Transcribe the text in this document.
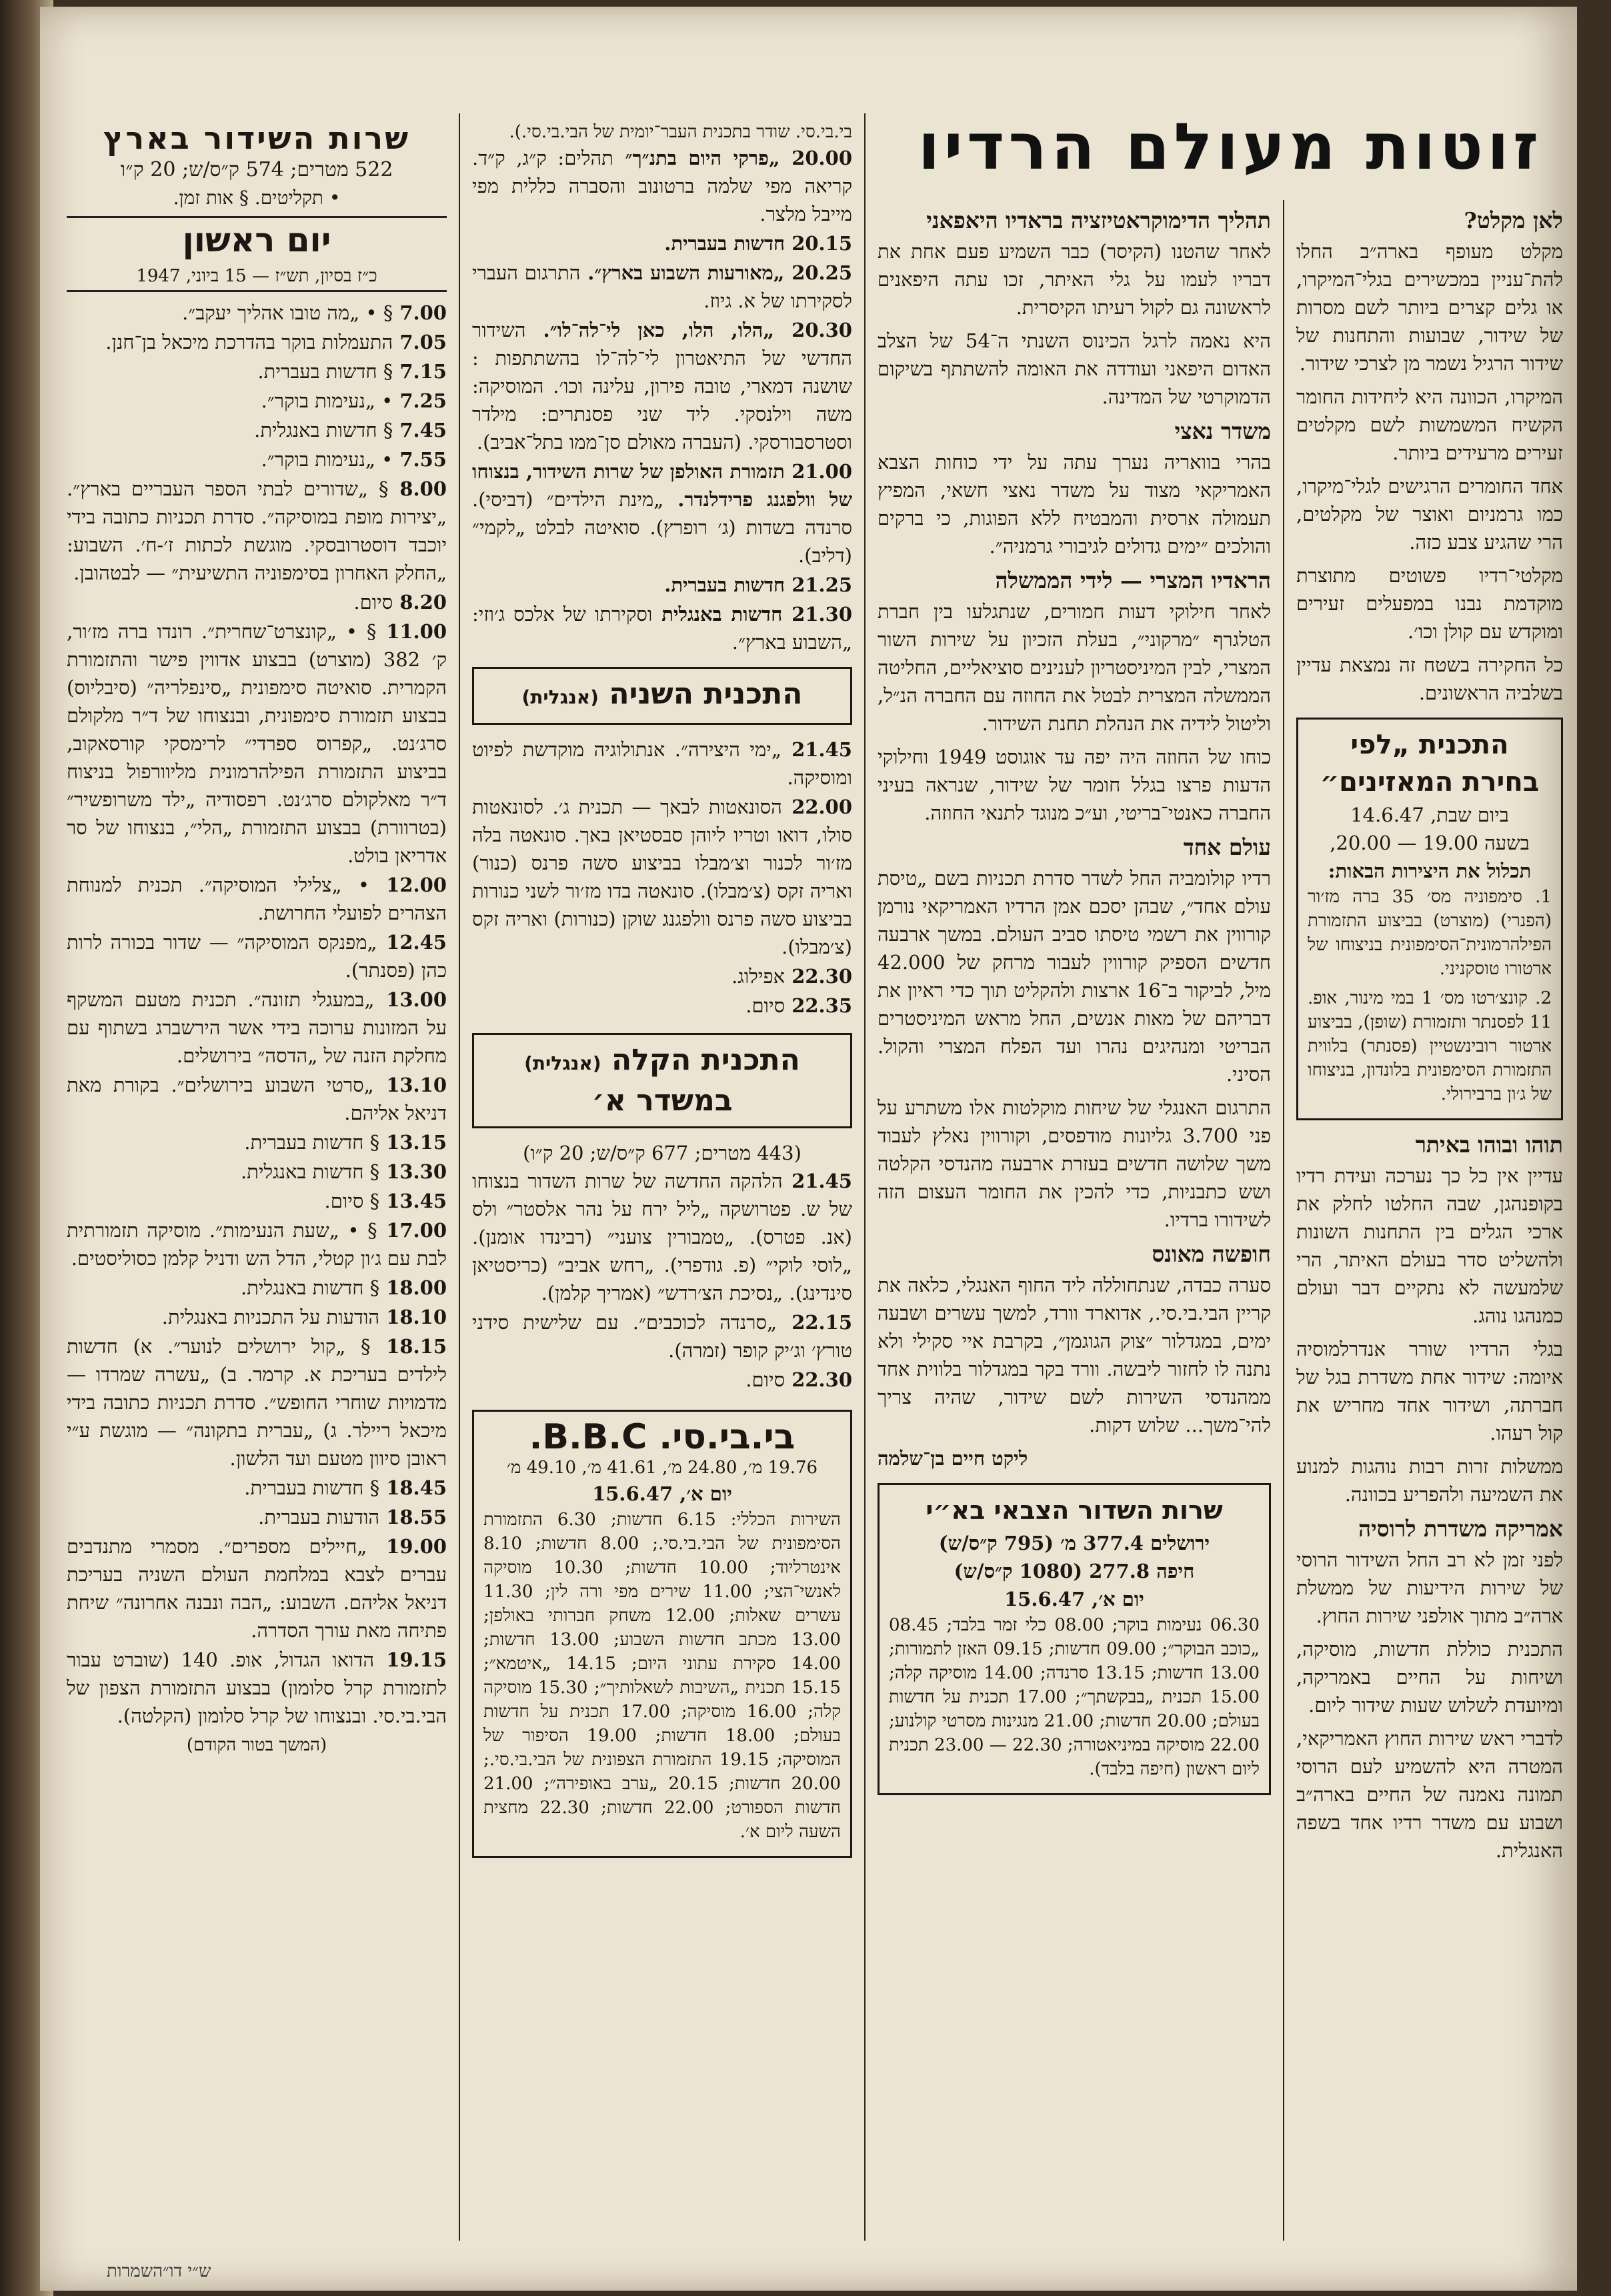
שרות השידור בארץ
522 מטרים; 574 ק״ס/ש; 20 ק״ו
• תקליטים. § אות זמן.
יום ראשון
כ״ז בסיון, תש״ז — 15 ביוני, 1947
7.00 § • „מה טובו אהליך יעקב״.
7.05 התעמלות בוקר בהדרכת מיכאל בן־חנן.
7.15 § חדשות בעברית.
7.25 • „נעימות בוקר״.
7.45 § חדשות באנגלית.
7.55 • „נעימות בוקר״.
8.00 § „שדורים לבתי הספר העבריים בארץ״. „יצירות מופת במוסיקה״. סדרת תכניות כתובה בידי יוכבד דוסטרובסקי. מוגשת לכתות ז׳-ח׳. השבוע: „החלק האחרון בסימפוניה התשיעית״ — לבטהובן.
8.20 סיום.
11.00 § • „קונצרט־שחרית״. רונדו ברה מז׳ור, ק׳ 382 (מוצרט) בבצוע אדווין פישר והתזמורת הקמרית. סואיטה סימפונית „סינפלריה״ (סיבליוס) בבצוע תזמורת סימפונית, ובנצוחו של ד״ר מלקולם סרג׳נט. „קפרוס ספרדי״ לרימסקי קורסאקוב, בביצוע התזמורת הפילהרמונית מליוורפול בניצוח ד״ר מאלקולם סרג׳נט. רפסודיה „ילד משרופשיר״ (בטרוורת) בבצוע התזמורת „הלי״, בנצוחו של סר אדריאן בולט.
12.00 • „צלילי המוסיקה״. תכנית למנוחת הצהרים לפועלי החרושת.
12.45 „מפנקס המוסיקה״ — שדור בכורה לרות כהן (פסנתר).
13.00 „במעגלי תזונה״. תכנית מטעם המשקף על המזונות ערוכה בידי אשר הירשברג בשתוף עם מחלקת הזנה של „הדסה״ בירושלים.
13.10 „סרטי השבוע בירושלים״. בקורת מאת דניאל אליהם.
13.15 § חדשות בעברית.
13.30 § חדשות באנגלית.
13.45 § סיום.
17.00 § • „שעת הנעימות״. מוסיקה תזמורתית לבת עם ג׳ון קטלי, הדל הש ודניל קלמן כסוליסטים.
18.00 § חדשות באנגלית.
18.10 הודעות על התכניות באנגלית.
18.15 § „קול ירושלים לנוער״. א) חדשות לילדים בעריכת א. קרמר. ב) „עשרה שמרדו — מדמויות שוחרי החופש״. סדרת תכניות כתובה בידי מיכאל ריילר. ג) „עברית בתקונה״ — מוגשת ע״י ראובן סיוון מטעם ועד הלשון.
18.45 § חדשות בעברית.
18.55 הודעות בעברית.
19.00 „חיילים מספרים״. מסמרי מתנדבים עברים לצבא במלחמת העולם השניה בעריכת דניאל אליהם. השבוע: „הבה ונבנה אחרונה״ שיחת פתיחה מאת עורך הסדרה.
19.15 הדואו הגדול, אופ. 140 (שוברט עבור לתזמורת קרל סלומון) בבצוע התזמורת הצפון של הבי.בי.סי. ובנצוחו של קרל סלומון (הקלטה).
(המשך בטור הקודם)
בי.בי.סי. שודר בתכנית העבר־יומית של הבי.בי.סי.).
20.00 „פרקי היום בתנ״ך״ תהלים: ק״ג, ק״ד. קריאה מפי שלמה ברטונוב והסברה כללית מפי מייבל מלצר.
20.15 חדשות בעברית.
20.25 „מאורעות השבוע בארץ״. התרגום העברי לסקירתו של א. גיוז.
20.30 „הלו, הלו, כאן לי־לה־לו״. השידור החדשי של התיאטרון לי־לה־לו בהשתתפות : שושנה דמארי, טובה פירון, עלינה וכו׳. המוסיקה: משה וילנסקי. ליד שני פסנתרים: מילדר וסטרסבורסקי. (העברה מאולם סן־ממו בתל־אביב).
21.00 תזמורת האולפן של שרות השידור, בנצוחו של וולפגנג פרידלנדר. „מינת הילדים״ (דביסי). סרנדה בשדות (ג׳ רופרץ). סואיטה לבלט „לקמי״ (דליב).
21.25 חדשות בעברית.
21.30 חדשות באנגלית וסקירתו של אלכס ג׳וזי: „השבוע בארץ״.
התכנית השניה (אנגלית)
21.45 „ימי היצירה״. אנתולוגיה מוקדשת לפיוט ומוסיקה.
22.00 הסונאטות לבאך — תכנית ג׳. לסונאטות סולו, דואו וטריו ליוהן סבסטיאן באך. סונאטה בלה מז׳ור לכנור וצ׳מבלו בביצוע סשה פרנס (כנור) ואריה זקס (צ׳מבלו). סונאטה בדו מז׳ור לשני כנורות בביצוע סשה פרנס וולפגנג שוקן (כנורות) ואריה זקס (צ׳מבלו).
22.30 אפילוג.
22.35 סיום.
התכנית הקלה (אנגלית)
במשדר א׳
(443 מטרים; 677 ק״ס/ש; 20 ק״ו)
21.45 הלהקה החדשה של שרות השדור בנצוחו של ש. פטרושקה „ליל ירח על נהר אלסטר״ ולס (אנ. פטרס). „טמבורין צועני״ (רבינדו אומנן). „לוסי לוקי״ (פ. גודפרי). „רחש אביב״ (כריסטיאן סינדינג). „נסיכת הצ׳רדש״ (אמריך קלמן).
22.15 „סרנדה לכוכבים״. עם שלישית סידני טורץ׳ וג׳יק קופר (זמרה).
22.30 סיום.
בי.בי.סי. B.B.C.
19.76 מ׳, 24.80 מ׳, 41.61 מ׳, 49.10 מ׳
יום א׳, 15.6.47

השירות הכללי: 6.15 חדשות; 6.30 התזמורת הסימפונית של הבי.בי.סי.; 8.00 חדשות; 8.10 אינטרליוד; 10.00 חדשות; 10.30 מוסיקה לאנשי־הצי; 11.00 שירים מפי ורה לין; 11.30 עשרים שאלות; 12.00 משחק חברותי באולפן; 13.00 מכתב חדשות השבוע; 13.00 חדשות; 14.00 סקירת עתוני היום; 14.15 „איטמא״; 15.15 תכנית „השיבות לשאלותיך״; 15.30 מוסיקה קלה; 16.00 מוסיקה; 17.00 תכנית על חדשות בעולם; 18.00 חדשות; 19.00 הסיפור של המוסיקה; 19.15 התזמורת הצפונית של הבי.בי.סי.; 20.00 חדשות; 20.15 „ערב באופירה״; 21.00 חדשות הספורט; 22.00 חדשות; 22.30 מחצית השעה ליום א׳.

תהליך הדימוקראטיזציה בראדיו היאפאני

לאחר שהטנו (הקיסר) כבר השמיע פעם אחת את דבריו לעמו על גלי האיתר, זכו עתה היפאנים לראשונה גם לקול רעיתו הקיסרית.

היא נאמה לרגל הכינוס השנתי ה־54 של הצלב האדום היפאני ועודדה את האומה להשתתף בשיקום הדמוקרטי של המדינה.

משדר נאצי

בהרי בוואריה נערך עתה על ידי כוחות הצבא האמריקאי מצוד על משדר נאצי חשאי, המפיץ תעמולה ארסית והמבטיח ללא הפוגות, כי ברקים והולכים ״ימים גדולים לגיבורי גרמניה״.

הראדיו המצרי — לידי הממשלה

לאחר חילוקי דעות חמורים, שנתגלעו בין חברת הטלגרף ״מרקוני״, בעלת הזכיון על שירות השור המצרי, לבין המיניסטריון לענינים סוציאליים, החליטה הממשלה המצרית לבטל את החוזה עם החברה הנ״ל, וליטול לידיה את הנהלת תחנת השידור.

כוחו של החוזה היה יפה עד אוגוסט 1949 וחילוקי הדעות פרצו בגלל חומר של שידור, שנראה בעיני החברה כאנטי־בריטי, וע״כ מנוגד לתנאי החוזה.

עולם אחד

רדיו קולומביה החל לשדר סדרת תכניות בשם „טיסת עולם אחד״, שבהן יסכם אמן הרדיו האמריקאי נורמן קורווין את רשמי טיסתו סביב העולם. במשך ארבעה חדשים הספיק קורווין לעבור מרחק של 42.000 מיל, לביקור ב־16 ארצות ולהקליט תוך כדי ראיון את דבריהם של מאות אנשים, החל מראש המיניסטרים הבריטי ומנהיגים נהרו ועד הפלח המצרי והקול. הסיני.

התרגום האנגלי של שיחות מוקלטות אלו משתרע על פני 3.700 גליונות מודפסים, וקורווין נאלץ לעבוד משך שלושה חדשים בעזרת ארבעה מהנדסי הקלטה ושש כתבניות, כדי להכין את החומר העצום הזה לשידורו ברדיו.

חופשה מאונס

סערה כבדה, שנתחוללה ליד החוף האנגלי, כלאה את קריין הבי.בי.סי., אדוארד וורד, למשך עשרים ושבעה ימים, במגדלור ״צוק הגוגמן״, בקרבת איי סקילי ולא נתנה לו לחזור ליבשה. וורד בקר במגדלור בלווית אחד ממהנדסי השירות לשם שידור, שהיה צריך להי־משך... שלוש דקות.

ליקט חיים בן־שלמה
שרות השדור הצבאי בא״י
ירושלים 377.4 מ׳ (795 ק״ס/ש)
חיפה 277.8 (1080 ק״ס/ש)
יום א׳, 15.6.47

06.30 נעימות בוקר; 08.00 כלי זמר בלבד; 08.45 „כוכב הבוקר״; 09.00 חדשות; 09.15 האזן לתמורות; 13.00 חדשות; 13.15 סרנדה; 14.00 מוסיקה קלה; 15.00 תכנית „בבקשתך״; 17.00 תכנית על חדשות בעולם; 20.00 חדשות; 21.00 מנגינות מסרטי קולנוע; 22.00 מוסיקה במיניאטורה; 22.30 — 23.00 תכנית ליום ראשון (חיפה בלבד).

לאן מקלט?

מקלט מעופף בארה״ב החלו להת־עניין במכשירים בגלי־המיקרו, או גלים קצרים ביותר לשם מסרות של שידור, שבועות והתחנות של שידור הרגיל נשמר מן לצרכי שידור.

המיקרו, הכוונה היא ליחידות החומר הקשיח המשמשות לשם מקלטים זעירים מרעידים ביותר.

אחד החומרים הרגישים לגלי־מיקרו, כמו גרמניום ואוצר של מקלטים, הרי שהגיע צבע כזה.

מקלטי־רדיו פשוטים מתוצרת מוקדמת נבנו במפעלים זעירים ומוקדש עם קולן וכו׳.

כל החקירה בשטח זה נמצאת עדיין בשלביה הראשונים.

התכנית „לפי בחירת המאזינים״
ביום שבת, 14.6.47
בשעה 19.00 — 20.00,
תכלול את היצירות הבאות:

1. סימפוניה מס׳ 35 ברה מז׳ור (הפנרי) (מוצרט) בביצוע התזמורת הפילהרמונית־הסימפונית בניצוחו של ארטורו טוסקניני.

2. קונצ׳רטו מס׳ 1 במי מינור, אופ. 11 לפסנתר ותזמורת (שופן), בביצוע ארטור רובינשטיין (פסנתר) בלווית התזמורת הסימפונית בלונדון, בניצוחו של ג׳ון ברבירולי.

תוהו ובוהו באיתר

עדיין אין כל כך נערכה ועידת רדיו בקופנהגן, שבה החלטו לחלק את ארכי הגלים בין התחנות השונות ולהשליט סדר בעולם האיתר, הרי שלמעשה לא נתקיים דבר ועולם כמנהגו נוהג.

בגלי הרדיו שורר אנדרלמוסיה איומה: שידור אחת משדרת בגל של חברתה, ושידור אחד מחריש את קול רעהו.

ממשלות זרות רבות נוהגות למנוע את השמיעה ולהפריע בכוונה.

אמריקה משדרת לרוסיה

לפני זמן לא רב החל השידור הרוסי של שירות הידיעות של ממשלת ארה״ב מתוך אולפני שירות החוץ.

התכנית כוללת חדשות, מוסיקה, ושיחות על החיים באמריקה, ומיועדת לשלוש שעות שידור ליום.

לדברי ראש שירות החוץ האמריקאי, המטרה היא להשמיע לעם הרוסי תמונה נאמנה של החיים בארה״ב ושבוע עם משדר רדיו אחד בשפה האנגלית.

זוטות מעולם הרדיו
ש״י דו״השמרות
